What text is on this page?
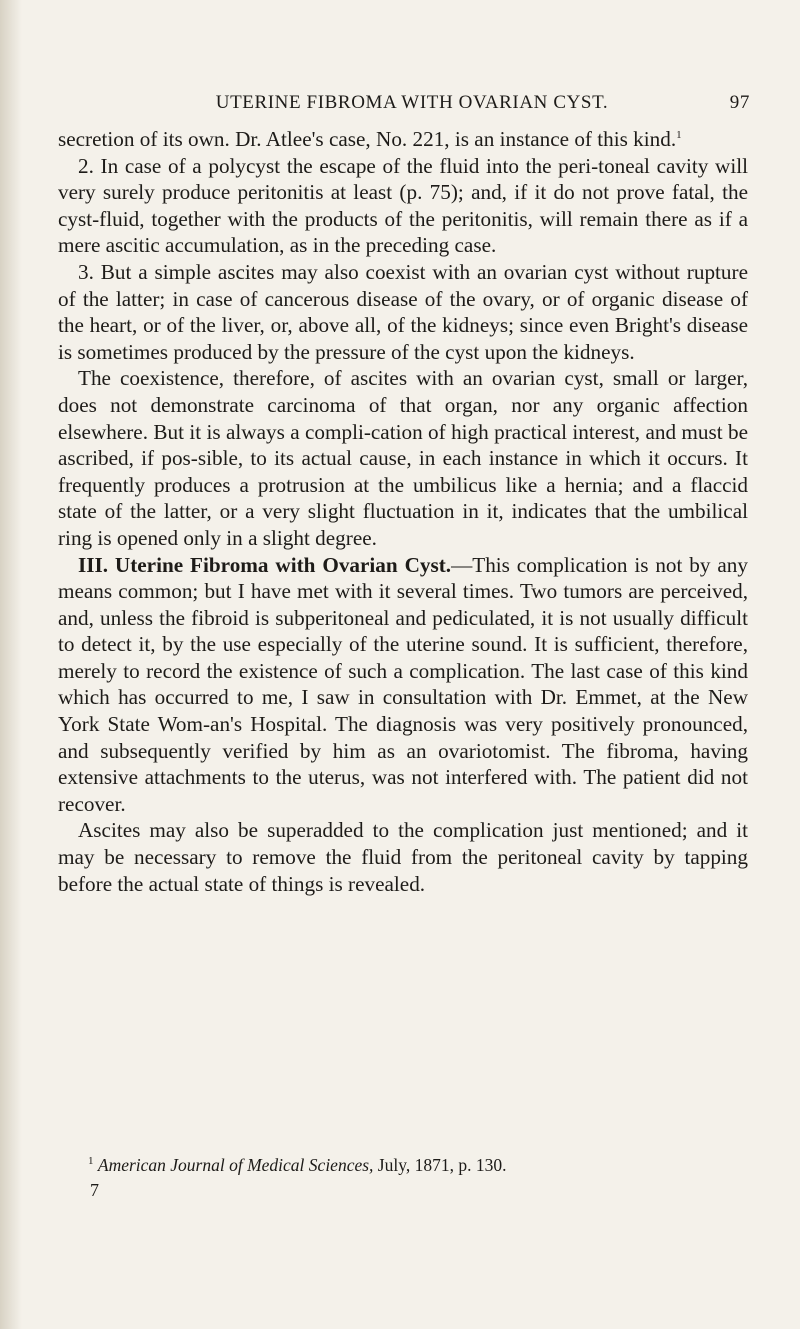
UTERINE FIBROMA WITH OVARIAN CYST.	97

secretion of its own. Dr. Atlee's case, No. 221, is an instance of this kind.$^1$

2. In case of a polycyst the escape of the fluid into the peri-toneal cavity will very surely produce peritonitis at least (p. 75); and, if it do not prove fatal, the cyst-fluid, together with the products of the peritonitis, will remain there as if a mere ascitic accumulation, as in the preceding case.

3. But a simple ascites may also coexist with an ovarian cyst without rupture of the latter; in case of cancerous disease of the ovary, or of organic disease of the heart, or of the liver, or, above all, of the kidneys; since even Bright's disease is sometimes produced by the pressure of the cyst upon the kidneys.

The coexistence, therefore, of ascites with an ovarian cyst, small or larger, does not demonstrate carcinoma of that organ, nor any organic affection elsewhere. But it is always a compli-cation of high practical interest, and must be ascribed, if pos-sible, to its actual cause, in each instance in which it occurs. It frequently produces a protrusion at the umbilicus like a hernia; and a flaccid state of the latter, or a very slight fluctuation in it, indicates that the umbilical ring is opened only in a slight degree.

III. Uterine Fibroma with Ovarian Cyst.—This complication is not by any means common; but I have met with it several times. Two tumors are perceived, and, unless the fibroid is subperitoneal and pediculated, it is not usually difficult to detect it, by the use especially of the uterine sound. It is sufficient, therefore, merely to record the existence of such a complication. The last case of this kind which has occurred to me, I saw in consultation with Dr. Emmet, at the New York State Wom-an's Hospital. The diagnosis was very positively pronounced, and subsequently verified by him as an ovariotomist. The fibroma, having extensive attachments to the uterus, was not interfered with. The patient did not recover.

Ascites may also be superadded to the complication just mentioned; and it may be necessary to remove the fluid from the peritoneal cavity by tapping before the actual state of things is revealed.

$^1$ American Journal of Medical Sciences, July, 1871, p. 130.
7
